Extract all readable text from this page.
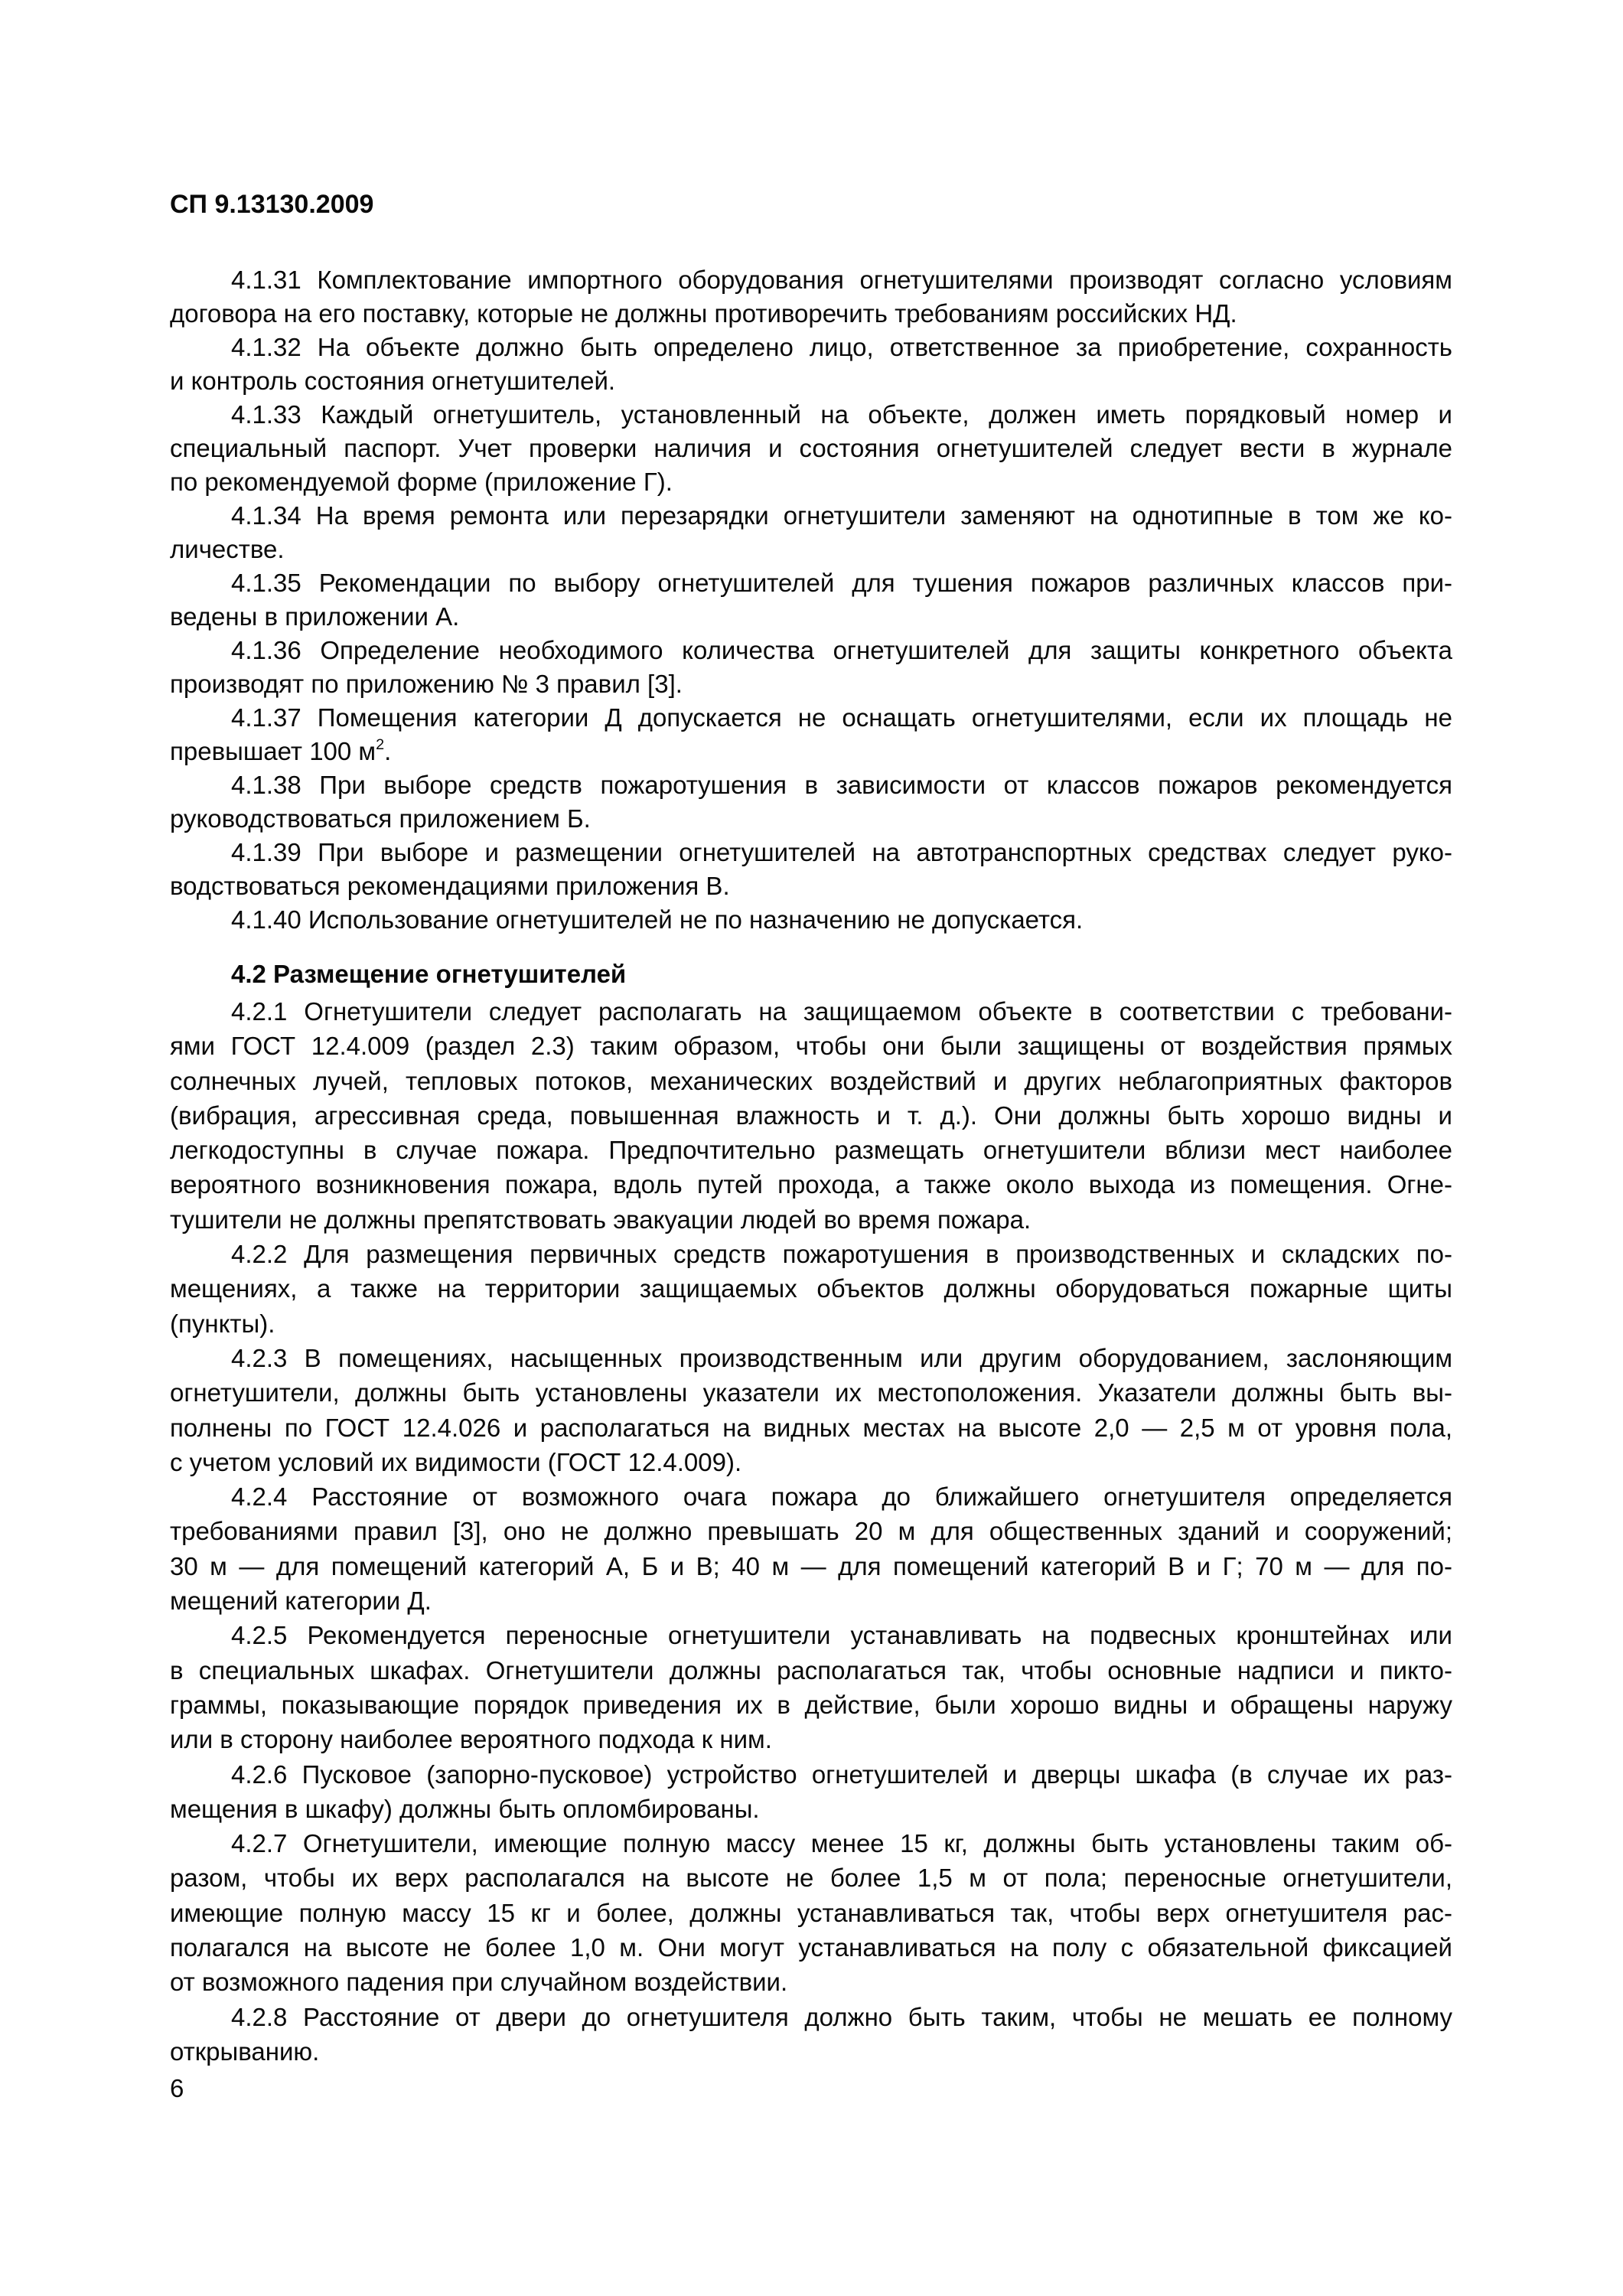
СП 9.13130.2009
4.1.31 Комплектование импортного оборудования огнетушителями производят согласно условиям
договора на его поставку, которые не должны противоречить требованиям российских НД.
4.1.32 На объекте должно быть определено лицо, ответственное за приобретение, сохранность
и контроль состояния огнетушителей.
4.1.33 Каждый огнетушитель, установленный на объекте, должен иметь порядковый номер и
специальный паспорт. Учет проверки наличия и состояния огнетушителей следует вести в журнале
по рекомендуемой форме (приложение Г).
4.1.34 На время ремонта или перезарядки огнетушители заменяют на однотипные в том же ко-
личестве.
4.1.35 Рекомендации по выбору огнетушителей для тушения пожаров различных классов при-
ведены в приложении А.
4.1.36 Определение необходимого количества огнетушителей для защиты конкретного объекта
производят по приложению № 3 правил [3].
4.1.37 Помещения категории Д допускается не оснащать огнетушителями, если их площадь не
превышает 100 $м^2$.
4.1.38 При выборе средств пожаротушения в зависимости от классов пожаров рекомендуется
руководствоваться приложением Б.
4.1.39 При выборе и размещении огнетушителей на автотранспортных средствах следует руко-
водствоваться рекомендациями приложения В.
4.1.40 Использование огнетушителей не по назначению не допускается.
4.2 Размещение огнетушителей
4.2.1 Огнетушители следует располагать на защищаемом объекте в соответствии с требовани-
ями ГОСТ 12.4.009 (раздел 2.3) таким образом, чтобы они были защищены от воздействия прямых
солнечных лучей, тепловых потоков, механических воздействий и других неблагоприятных факторов
(вибрация, агрессивная среда, повышенная влажность и т. д.). Они должны быть хорошо видны и
легкодоступны в случае пожара. Предпочтительно размещать огнетушители вблизи мест наиболее
вероятного возникновения пожара, вдоль путей прохода, а также около выхода из помещения. Огне-
тушители не должны препятствовать эвакуации людей во время пожара.
4.2.2 Для размещения первичных средств пожаротушения в производственных и складских по-
мещениях, а также на территории защищаемых объектов должны оборудоваться пожарные щиты
(пункты).
4.2.3 В помещениях, насыщенных производственным или другим оборудованием, заслоняющим
огнетушители, должны быть установлены указатели их местоположения. Указатели должны быть вы-
полнены по ГОСТ 12.4.026 и располагаться на видных местах на высоте 2,0 — 2,5 м от уровня пола,
с учетом условий их видимости (ГОСТ 12.4.009).
4.2.4 Расстояние от возможного очага пожара до ближайшего огнетушителя определяется
требованиями правил [3], оно не должно превышать 20 м для общественных зданий и сооружений;
30 м — для помещений категорий А, Б и В; 40 м — для помещений категорий В и Г; 70 м — для по-
мещений категории Д.
4.2.5 Рекомендуется переносные огнетушители устанавливать на подвесных кронштейнах или
в специальных шкафах. Огнетушители должны располагаться так, чтобы основные надписи и пикто-
граммы, показывающие порядок приведения их в действие, были хорошо видны и обращены наружу
или в сторону наиболее вероятного подхода к ним.
4.2.6 Пусковое (запорно-пусковое) устройство огнетушителей и дверцы шкафа (в случае их раз-
мещения в шкафу) должны быть опломбированы.
4.2.7 Огнетушители, имеющие полную массу менее 15 кг, должны быть установлены таким об-
разом, чтобы их верх располагался на высоте не более 1,5 м от пола; переносные огнетушители,
имеющие полную массу 15 кг и более, должны устанавливаться так, чтобы верх огнетушителя рас-
полагался на высоте не более 1,0 м. Они могут устанавливаться на полу с обязательной фиксацией
от возможного падения при случайном воздействии.
4.2.8 Расстояние от двери до огнетушителя должно быть таким, чтобы не мешать ее полному
открыванию.
6
